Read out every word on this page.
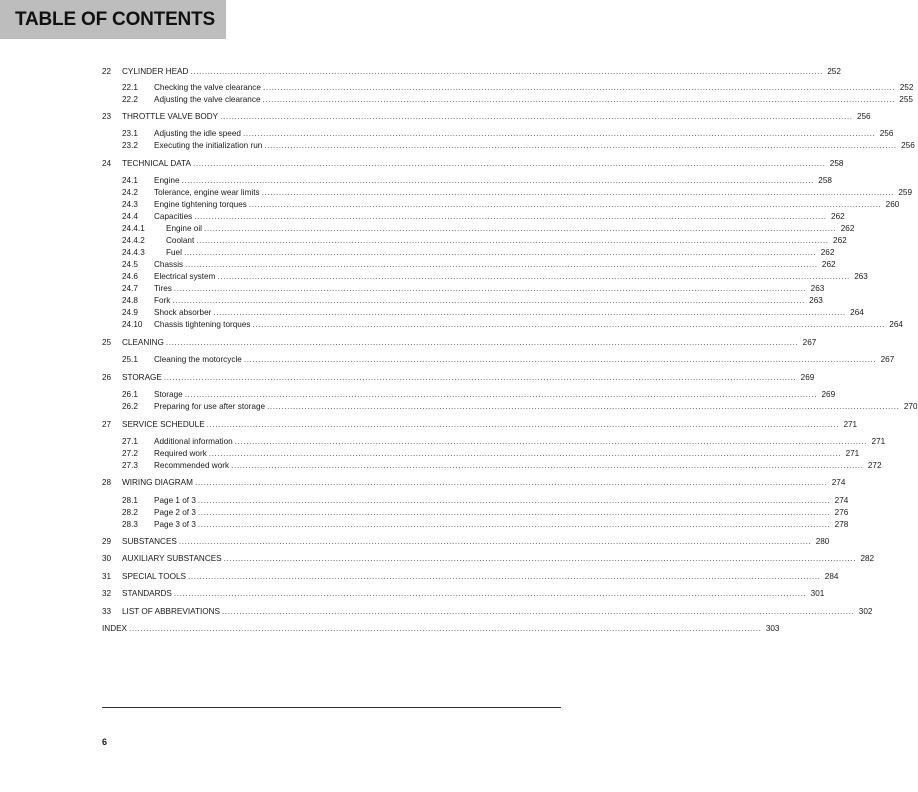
TABLE OF CONTENTS
22	CYLINDER HEAD ............................................................................................................................................................................................................................ 252
22.1	Checking the valve clearance ............................................................................................................................................................................................................................ 252
22.2	Adjusting the valve clearance ............................................................................................................................................................................................................................ 255
23	THROTTLE VALVE BODY ............................................................................................................................................................................................................................ 256
23.1	Adjusting the idle speed ............................................................................................................................................................................................................................ 256
23.2	Executing the initialization run ............................................................................................................................................................................................................................ 256
24	TECHNICAL DATA ............................................................................................................................................................................................................................ 258
24.1	Engine ............................................................................................................................................................................................................................ 258
24.2	Tolerance, engine wear limits ............................................................................................................................................................................................................................ 259
24.3	Engine tightening torques ............................................................................................................................................................................................................................ 260
24.4	Capacities ............................................................................................................................................................................................................................ 262
24.4.1	Engine oil ............................................................................................................................................................................................................................ 262
24.4.2	Coolant ............................................................................................................................................................................................................................ 262
24.4.3	Fuel ............................................................................................................................................................................................................................ 262
24.5	Chassis ............................................................................................................................................................................................................................ 262
24.6	Electrical system ............................................................................................................................................................................................................................ 263
24.7	Tires ............................................................................................................................................................................................................................ 263
24.8	Fork ............................................................................................................................................................................................................................ 263
24.9	Shock absorber ............................................................................................................................................................................................................................ 264
24.10	Chassis tightening torques ............................................................................................................................................................................................................................ 264
25	CLEANING ............................................................................................................................................................................................................................ 267
25.1	Cleaning the motorcycle ............................................................................................................................................................................................................................ 267
26	STORAGE ............................................................................................................................................................................................................................ 269
26.1	Storage ............................................................................................................................................................................................................................ 269
26.2	Preparing for use after storage ............................................................................................................................................................................................................................ 270
27	SERVICE SCHEDULE ............................................................................................................................................................................................................................ 271
27.1	Additional information ............................................................................................................................................................................................................................ 271
27.2	Required work ............................................................................................................................................................................................................................ 271
27.3	Recommended work ............................................................................................................................................................................................................................ 272
28	WIRING DIAGRAM ............................................................................................................................................................................................................................ 274
28.1	Page 1 of 3 ............................................................................................................................................................................................................................ 274
28.2	Page 2 of 3 ............................................................................................................................................................................................................................ 276
28.3	Page 3 of 3 ............................................................................................................................................................................................................................ 278
29	SUBSTANCES ............................................................................................................................................................................................................................ 280
30	AUXILIARY SUBSTANCES ............................................................................................................................................................................................................................ 282
31	SPECIAL TOOLS ............................................................................................................................................................................................................................ 284
32	STANDARDS ............................................................................................................................................................................................................................ 301
33	LIST OF ABBREVIATIONS ............................................................................................................................................................................................................................ 302
INDEX ............................................................................................................................................................................................................................ 303
6
